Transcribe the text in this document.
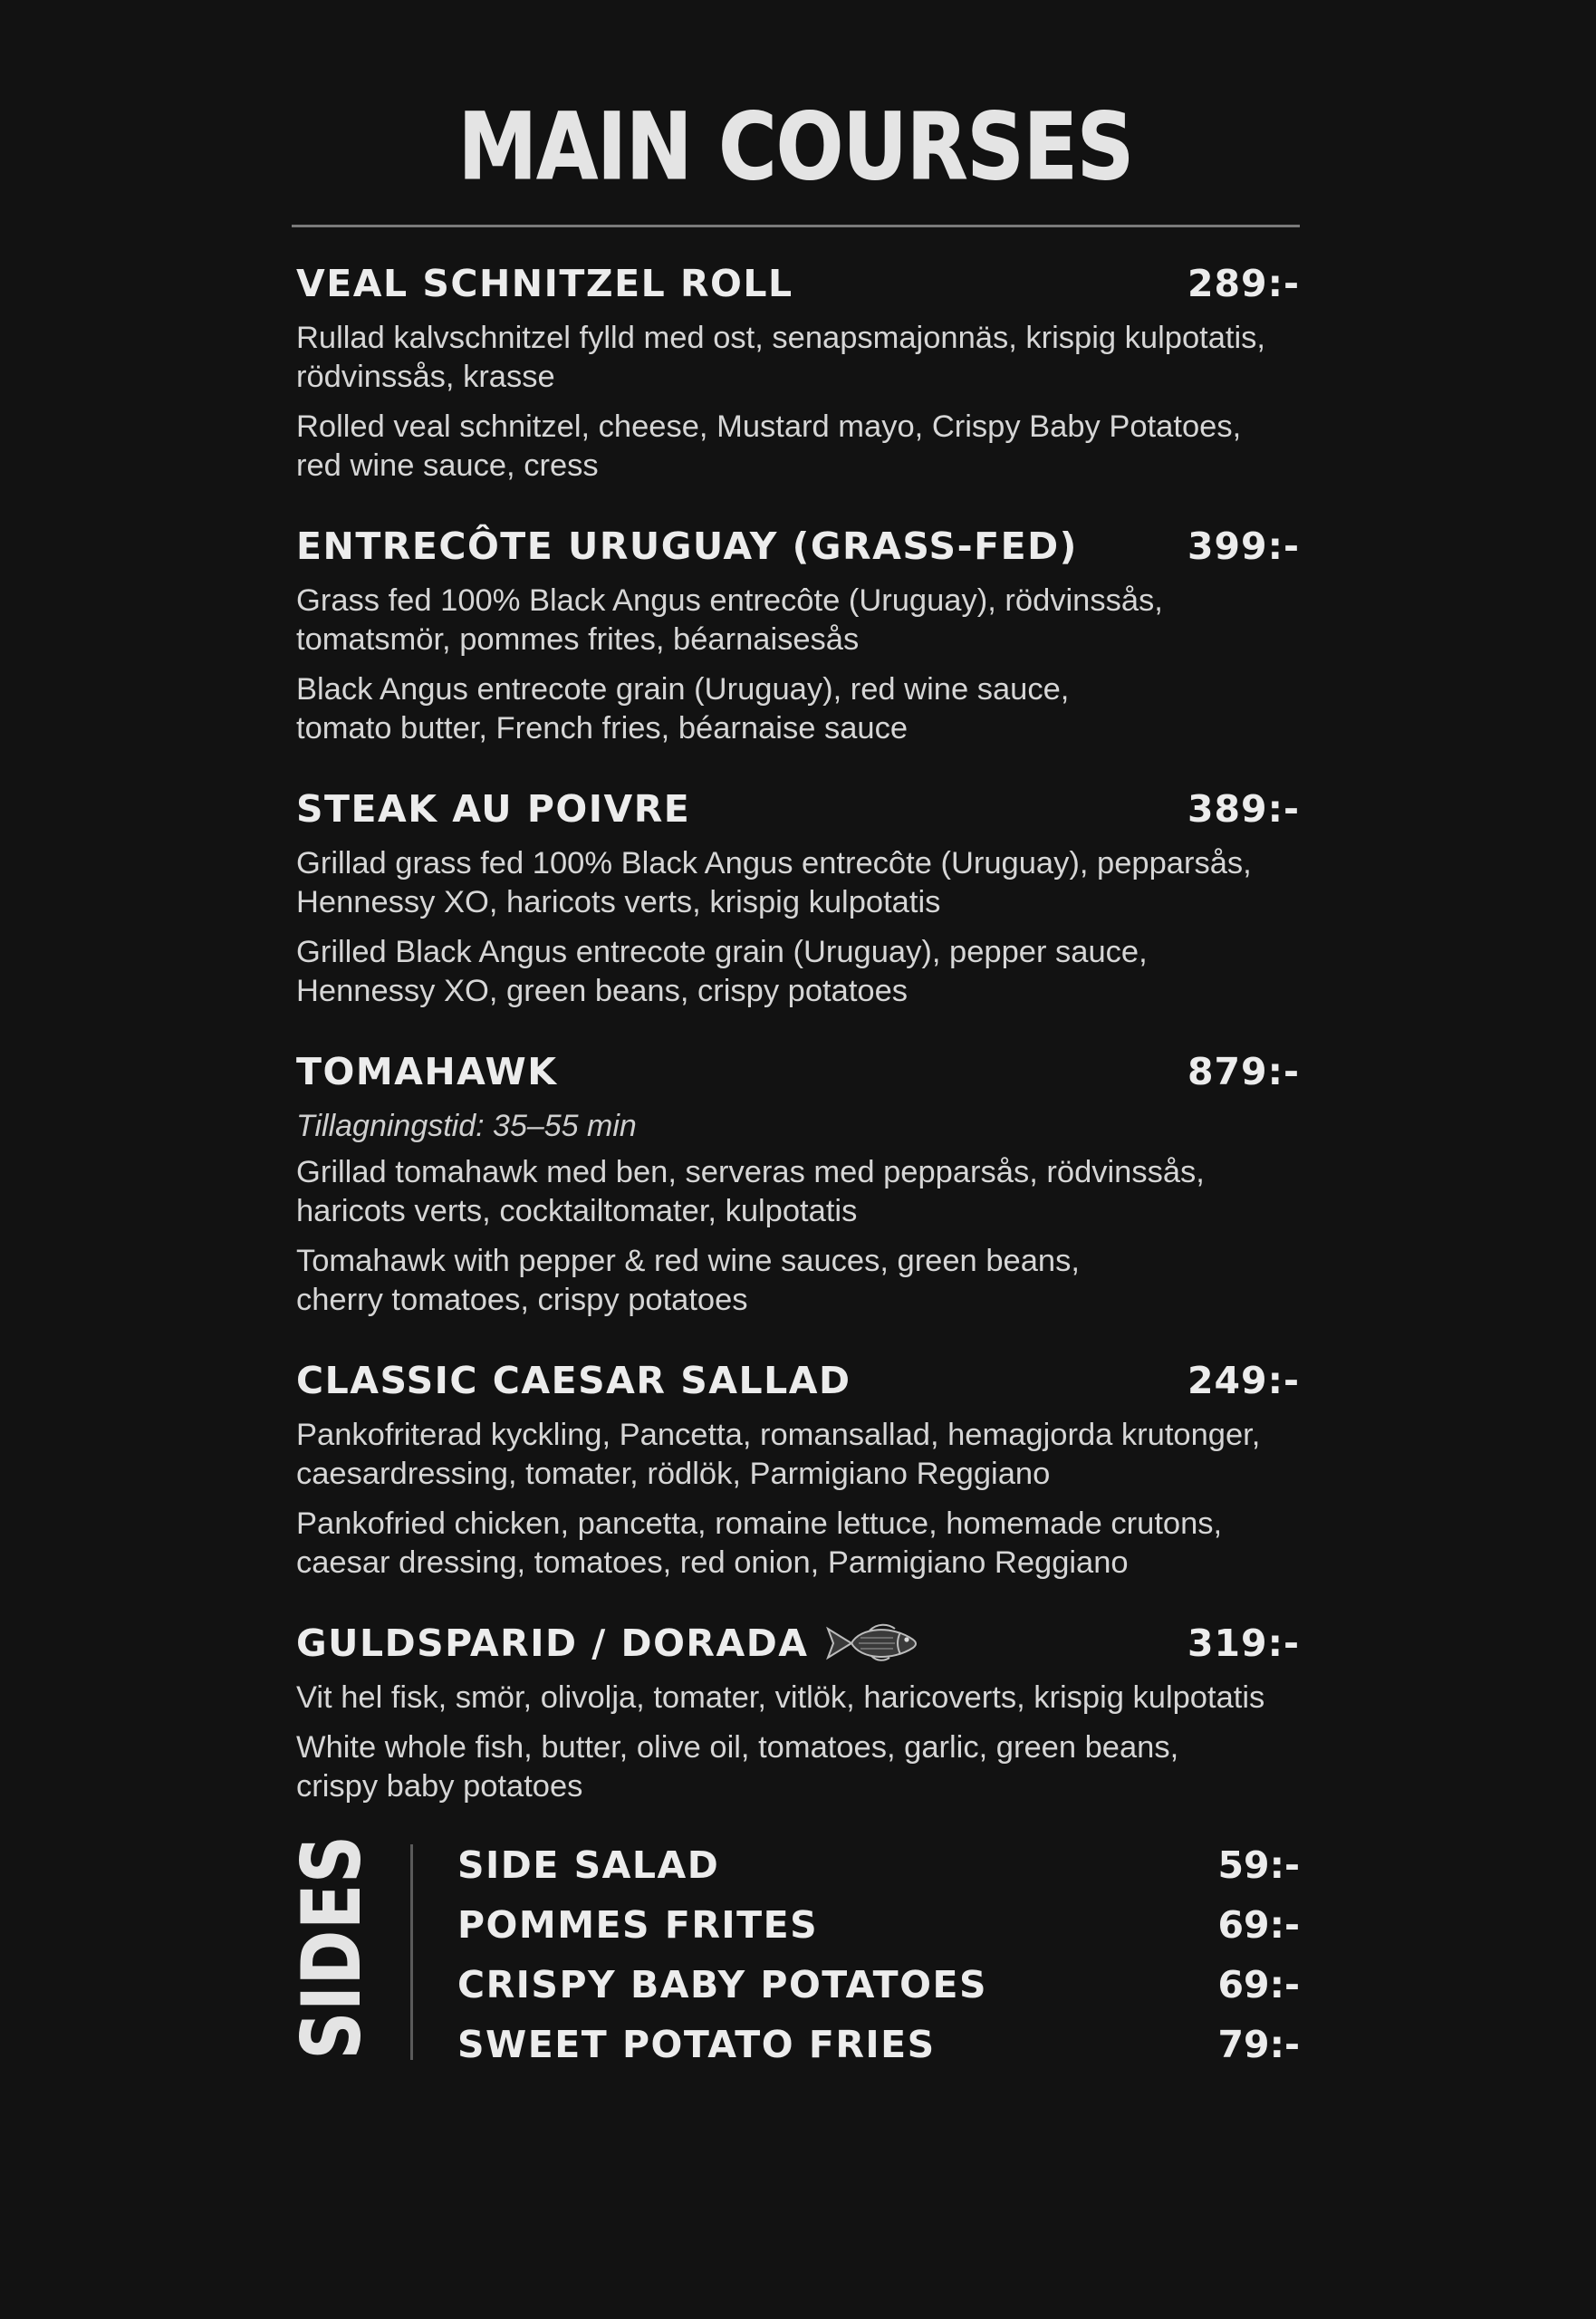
MAIN COURSES
VEAL SCHNITZEL ROLL	289:-
Rullad kalvschnitzel fylld med ost, senapsmajonnäs, krispig kulpotatis,
rödvinssås, krasse
Rolled veal schnitzel, cheese, Mustard mayo, Crispy Baby Potatoes,
red wine sauce, cress
ENTRECÔTE URUGUAY (GRASS-FED)	399:-
Grass fed 100% Black Angus entrecôte (Uruguay), rödvinssås,
tomatsmör, pommes frites, béarnaisesås
Black Angus entrecote grain (Uruguay), red wine sauce,
tomato butter, French fries, béarnaise sauce
STEAK AU POIVRE	389:-
Grillad grass fed 100% Black Angus entrecôte (Uruguay), pepparsås,
Hennessy XO, haricots verts, krispig kulpotatis
Grilled Black Angus entrecote grain (Uruguay), pepper sauce,
Hennessy XO, green beans, crispy potatoes
TOMAHAWK	879:-
Tillagningstid: 35–55 min
Grillad tomahawk med ben, serveras med pepparsås, rödvinssås,
haricots verts, cocktailtomater, kulpotatis
Tomahawk with pepper & red wine sauces, green beans,
cherry tomatoes, crispy potatoes
CLASSIC CAESAR SALLAD	249:-
Pankofriterad kyckling, Pancetta, romansallad, hemagjorda krutonger,
caesardressing, tomater, rödlök, Parmigiano Reggiano
Pankofried chicken, pancetta, romaine lettuce, homemade crutons,
caesar dressing, tomatoes, red onion, Parmigiano Reggiano
GULDSPARID / DORADA	319:-
Vit hel fisk, smör, olivolja, tomater, vitlök, haricoverts, krispig kulpotatis
White whole fish, butter, olive oil, tomatoes, garlic, green beans,
crispy baby potatoes
SIDES SIDE SALAD	59:-
POMMES FRITES	69:-
CRISPY BABY POTATOES	69:-
SWEET POTATO FRIES	79:-
